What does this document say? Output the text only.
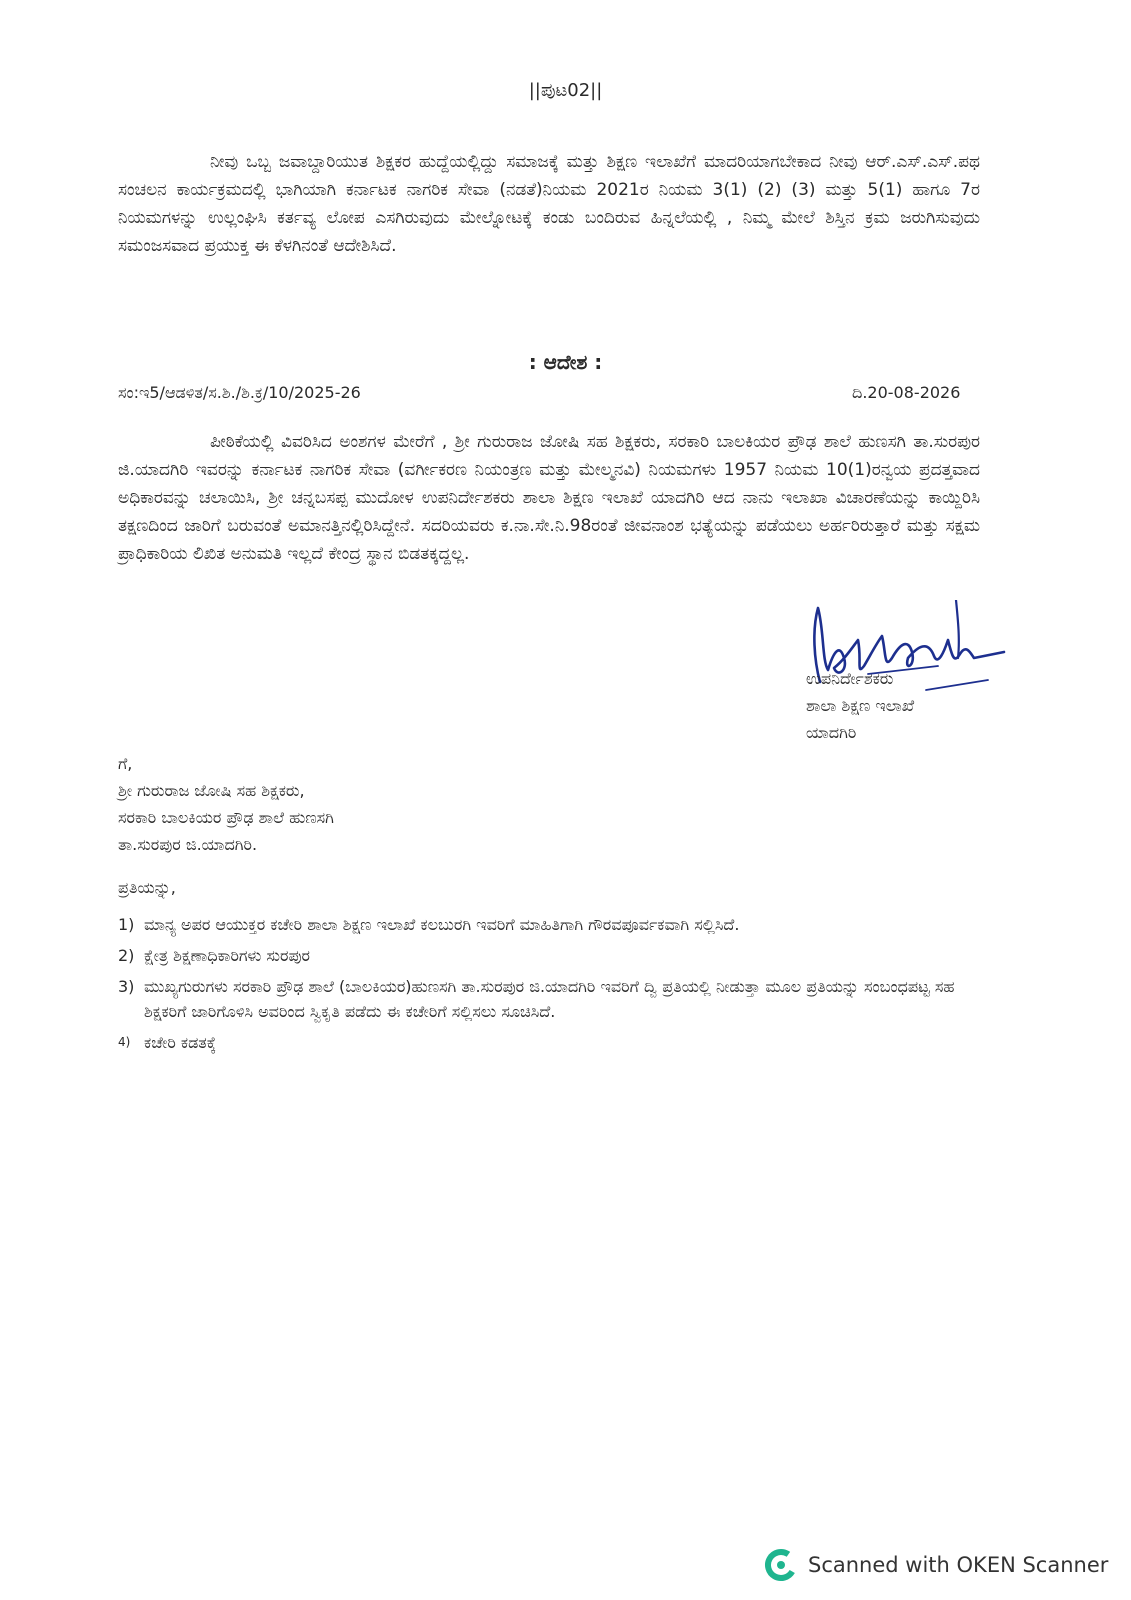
||ಪುಟ02||

ನೀವು ಒಬ್ಬ ಜವಾಬ್ದಾರಿಯುತ ಶಿಕ್ಷಕರ ಹುದ್ದೆಯಲ್ಲಿದ್ದು ಸಮಾಜಕ್ಕೆ ಮತ್ತು ಶಿಕ್ಷಣ ಇಲಾಖೆಗೆ ಮಾದರಿಯಾಗಬೇಕಾದ ನೀವು ಆರ್.ಎಸ್.ಎಸ್.ಪಥ ಸಂಚಲನ ಕಾರ್ಯಕ್ರಮದಲ್ಲಿ ಭಾಗಿಯಾಗಿ ಕರ್ನಾಟಕ ನಾಗರಿಕ ಸೇವಾ (ನಡತೆ)ನಿಯಮ 2021ರ ನಿಯಮ 3(1) (2) (3) ಮತ್ತು 5(1) ಹಾಗೂ 7ರ ನಿಯಮಗಳನ್ನು ಉಲ್ಲಂಘಿಸಿ ಕರ್ತವ್ಯ ಲೋಪ ಎಸಗಿರುವುದು ಮೇಲ್ನೋಟಕ್ಕೆ ಕಂಡು ಬಂದಿರುವ ಹಿನ್ನಲೆಯಲ್ಲಿ , ನಿಮ್ಮ ಮೇಲೆ ಶಿಸ್ತಿನ ಕ್ರಮ ಜರುಗಿಸುವುದು ಸಮಂಜಸವಾದ ಪ್ರಯುಕ್ತ ಈ ಕೆಳಗಿನಂತೆ ಆದೇಶಿಸಿದೆ.

: ಆದೇಶ :
ಸಂ:ಇ5/ಆಡಳಿತ/ಸ.ಶಿ./ಶಿ.ಕ್ರ/10/2025-26	ದಿ.20-08-2026

ಪೀಠಿಕೆಯಲ್ಲಿ ವಿವರಿಸಿದ ಅಂಶಗಳ ಮೇರೆಗೆ , ಶ್ರೀ ಗುರುರಾಜ ಜೋಷಿ ಸಹ ಶಿಕ್ಷಕರು, ಸರಕಾರಿ ಬಾಲಕಿಯರ ಪ್ರೌಢ ಶಾಲೆ ಹುಣಸಗಿ ತಾ.ಸುರಪುರ ಜಿ.ಯಾದಗಿರಿ ಇವರನ್ನು ಕರ್ನಾಟಕ ನಾಗರಿಕ ಸೇವಾ (ವರ್ಗೀಕರಣ ನಿಯಂತ್ರಣ ಮತ್ತು ಮೇಲ್ಮನವಿ) ನಿಯಮಗಳು 1957 ನಿಯಮ 10(1)ರನ್ವಯ ಪ್ರದತ್ತವಾದ ಅಧಿಕಾರವನ್ನು ಚಲಾಯಿಸಿ, ಶ್ರೀ ಚನ್ನಬಸಪ್ಪ ಮುದೋಳ ಉಪನಿರ್ದೇಶಕರು ಶಾಲಾ ಶಿಕ್ಷಣ ಇಲಾಖೆ ಯಾದಗಿರಿ ಆದ ನಾನು ಇಲಾಖಾ ವಿಚಾರಣೆಯನ್ನು ಕಾಯ್ದಿರಿಸಿ ತಕ್ಷಣದಿಂದ ಜಾರಿಗೆ ಬರುವಂತೆ ಅಮಾನತ್ತಿನಲ್ಲಿರಿಸಿದ್ದೇನೆ. ಸದರಿಯವರು ಕ.ನಾ.ಸೇ.ನಿ.98ರಂತೆ ಜೀವನಾಂಶ ಭತ್ಯೆಯನ್ನು ಪಡೆಯಲು ಅರ್ಹರಿರುತ್ತಾರೆ ಮತ್ತು ಸಕ್ಷಮ ಪ್ರಾಧಿಕಾರಿಯ ಲಿಖಿತ ಅನುಮತಿ ಇಲ್ಲದೆ ಕೇಂದ್ರ ಸ್ಥಾನ ಬಿಡತಕ್ಕದ್ದಲ್ಲ.

ಉಪನಿರ್ದೇಶಕರು
ಶಾಲಾ ಶಿಕ್ಷಣ ಇಲಾಖೆ
ಯಾದಗಿರಿ
ಗೆ,
ಶ್ರೀ ಗುರುರಾಜ ಜೋಷಿ ಸಹ ಶಿಕ್ಷಕರು,
ಸರಕಾರಿ ಬಾಲಕಿಯರ ಪ್ರೌಢ ಶಾಲೆ ಹುಣಸಗಿ
ತಾ.ಸುರಪುರ ಜಿ.ಯಾದಗಿರಿ.
ಪ್ರತಿಯನ್ನು,
1) ಮಾನ್ಯ ಅಪರ ಆಯುಕ್ತರ ಕಚೇರಿ ಶಾಲಾ ಶಿಕ್ಷಣ ಇಲಾಖೆ ಕಲಬುರಗಿ ಇವರಿಗೆ ಮಾಹಿತಿಗಾಗಿ ಗೌರವಪೂರ್ವಕವಾಗಿ ಸಲ್ಲಿಸಿದೆ.
2) ಕ್ಷೇತ್ರ ಶಿಕ್ಷಣಾಧಿಕಾರಿಗಳು ಸುರಪುರ
3) ಮುಖ್ಯಗುರುಗಳು ಸರಕಾರಿ ಪ್ರೌಢ ಶಾಲೆ (ಬಾಲಕಿಯರ)ಹುಣಸಗಿ ತಾ.ಸುರಪುರ ಜಿ.ಯಾದಗಿರಿ ಇವರಿಗೆ ದ್ವಿ ಪ್ರತಿಯಲ್ಲಿ ನೀಡುತ್ತಾ ಮೂಲ ಪ್ರತಿಯನ್ನು ಸಂಬಂಧಪಟ್ಟ ಸಹ ಶಿಕ್ಷಕರಿಗೆ ಜಾರಿಗೊಳಿಸಿ ಅವರಿಂದ ಸ್ವಿಕೃತಿ ಪಡೆದು ಈ ಕಚೇರಿಗೆ ಸಲ್ಲಿಸಲು ಸೂಚಿಸಿದೆ.
4) ಕಚೇರಿ ಕಡತಕ್ಕೆ
Scanned with OKEN Scanner
